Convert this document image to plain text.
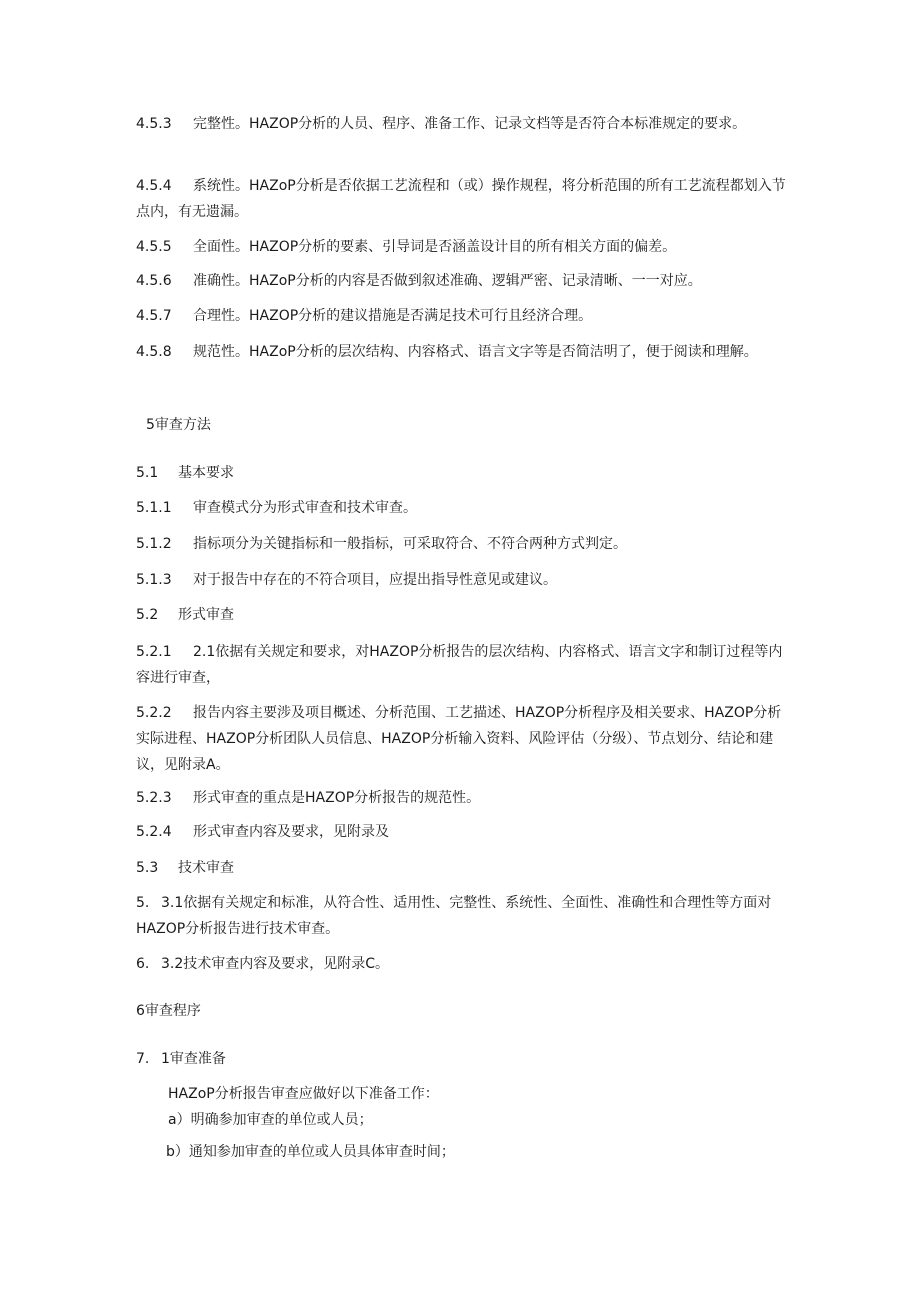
4.5.3 完整性。HAZOP分析的人员、程序、准备工作、记录文档等是否符合本标准规定的要求。

4.5.4 系统性。HAZoP分析是否依据工艺流程和（或）操作规程，将分析范围的所有工艺流程都划入节点内，有无遗漏。

4.5.5 全面性。HAZOP分析的要素、引导词是否涵盖设计目的所有相关方面的偏差。

4.5.6 准确性。HAZoP分析的内容是否做到叙述准确、逻辑严密、记录清晰、一一对应。

4.5.7 合理性。HAZOP分析的建议措施是否满足技术可行且经济合理。

4.5.8 规范性。HAZoP分析的层次结构、内容格式、语言文字等是否简洁明了，便于阅读和理解。

5审查方法

5.1 基本要求

5.1.1 审查模式分为形式审查和技术审查。

5.1.2 指标项分为关键指标和一般指标，可采取符合、不符合两种方式判定。

5.1.3 对于报告中存在的不符合项目，应提出指导性意见或建议。

5.2 形式审查

5.2.1 2.1依据有关规定和要求，对HAZOP分析报告的层次结构、内容格式、语言文字和制订过程等内容进行审查，

5.2.2 报告内容主要涉及项目概述、分析范围、工艺描述、HAZOP分析程序及相关要求、HAZOP分析实际进程、HAZOP分析团队人员信息、HAZOP分析输入资料、风险评估（分级）、节点划分、结论和建议，见附录A。

5.2.3 形式审查的重点是HAZOP分析报告的规范性。

5.2.4 形式审查内容及要求，见附录及

5.3 技术审查

5. 3.1依据有关规定和标准，从符合性、适用性、完整性、系统性、全面性、准确性和合理性等方面对HAZOP分析报告进行技术审查。

6. 3.2技术审查内容及要求，见附录C。

6审查程序

7. 1审查准备

HAZoP分析报告审查应做好以下准备工作：

a）明确参加审查的单位或人员；

b）通知参加审查的单位或人员具体审查时间；
